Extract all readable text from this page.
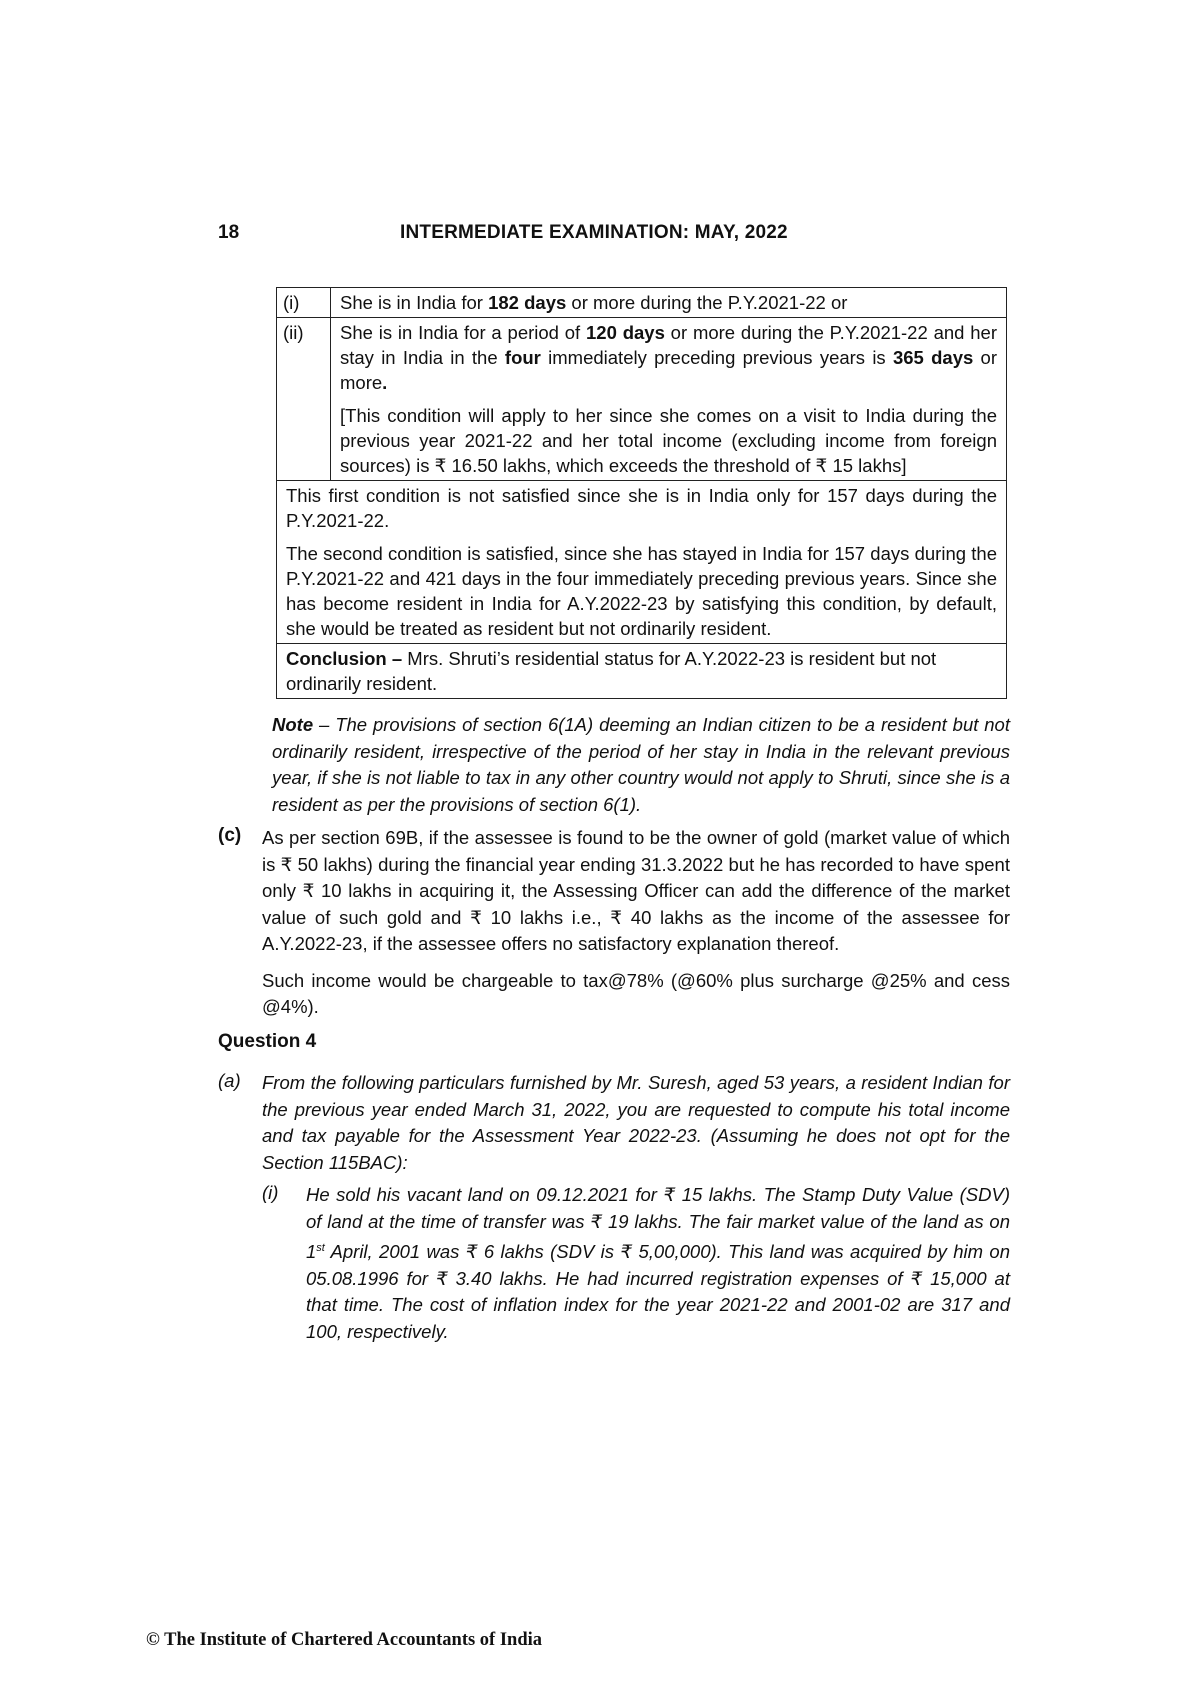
18	INTERMEDIATE EXAMINATION: MAY, 2022
(i)	She is in India for 182 days or more during the P.Y.2021-22 or
(ii)	She is in India for a period of 120 days or more during the P.Y.2021-22 and her stay in India in the four immediately preceding previous years is 365 days or more.
[This condition will apply to her since she comes on a visit to India during the previous year 2021-22 and her total income (excluding income from foreign sources) is ₹ 16.50 lakhs, which exceeds the threshold of ₹ 15 lakhs]

This first condition is not satisfied since she is in India only for 157 days during the P.Y.2021-22.
The second condition is satisfied, since she has stayed in India for 157 days during the P.Y.2021-22 and 421 days in the four immediately preceding previous years. Since she has become resident in India for A.Y.2022-23 by satisfying this condition, by default, she would be treated as resident but not ordinarily resident.	

Conclusion – Mrs. Shruti’s residential status for A.Y.2022-23 is resident but not ordinarily resident.	
Note – The provisions of section 6(1A) deeming an Indian citizen to be a resident but not ordinarily resident, irrespective of the period of her stay in India in the relevant previous year, if she is not liable to tax in any other country would not apply to Shruti, since she is a resident as per the provisions of section 6(1).
(c) As per section 69B, if the assessee is found to be the owner of gold (market value of which is ₹ 50 lakhs) during the financial year ending 31.3.2022 but he has recorded to have spent only ₹ 10 lakhs in acquiring it, the Assessing Officer can add the difference of the market value of such gold and ₹ 10 lakhs i.e., ₹ 40 lakhs as the income of the assessee for A.Y.2022-23, if the assessee offers no satisfactory explanation thereof.
Such income would be chargeable to tax@78% (@60% plus surcharge @25% and cess @4%).
Question 4
(a) From the following particulars furnished by Mr. Suresh, aged 53 years, a resident Indian for the previous year ended March 31, 2022, you are requested to compute his total income and tax payable for the Assessment Year 2022-23. (Assuming he does not opt for the Section 115BAC):
(i) He sold his vacant land on 09.12.2021 for ₹ 15 lakhs. The Stamp Duty Value (SDV) of land at the time of transfer was ₹ 19 lakhs. The fair market value of the land as on 1st April, 2001 was ₹ 6 lakhs (SDV is ₹ 5,00,000). This land was acquired by him on 05.08.1996 for ₹ 3.40 lakhs. He had incurred registration expenses of ₹ 15,000 at that time. The cost of inflation index for the year 2021-22 and 2001-02 are 317 and 100, respectively.
© The Institute of Chartered Accountants of India
